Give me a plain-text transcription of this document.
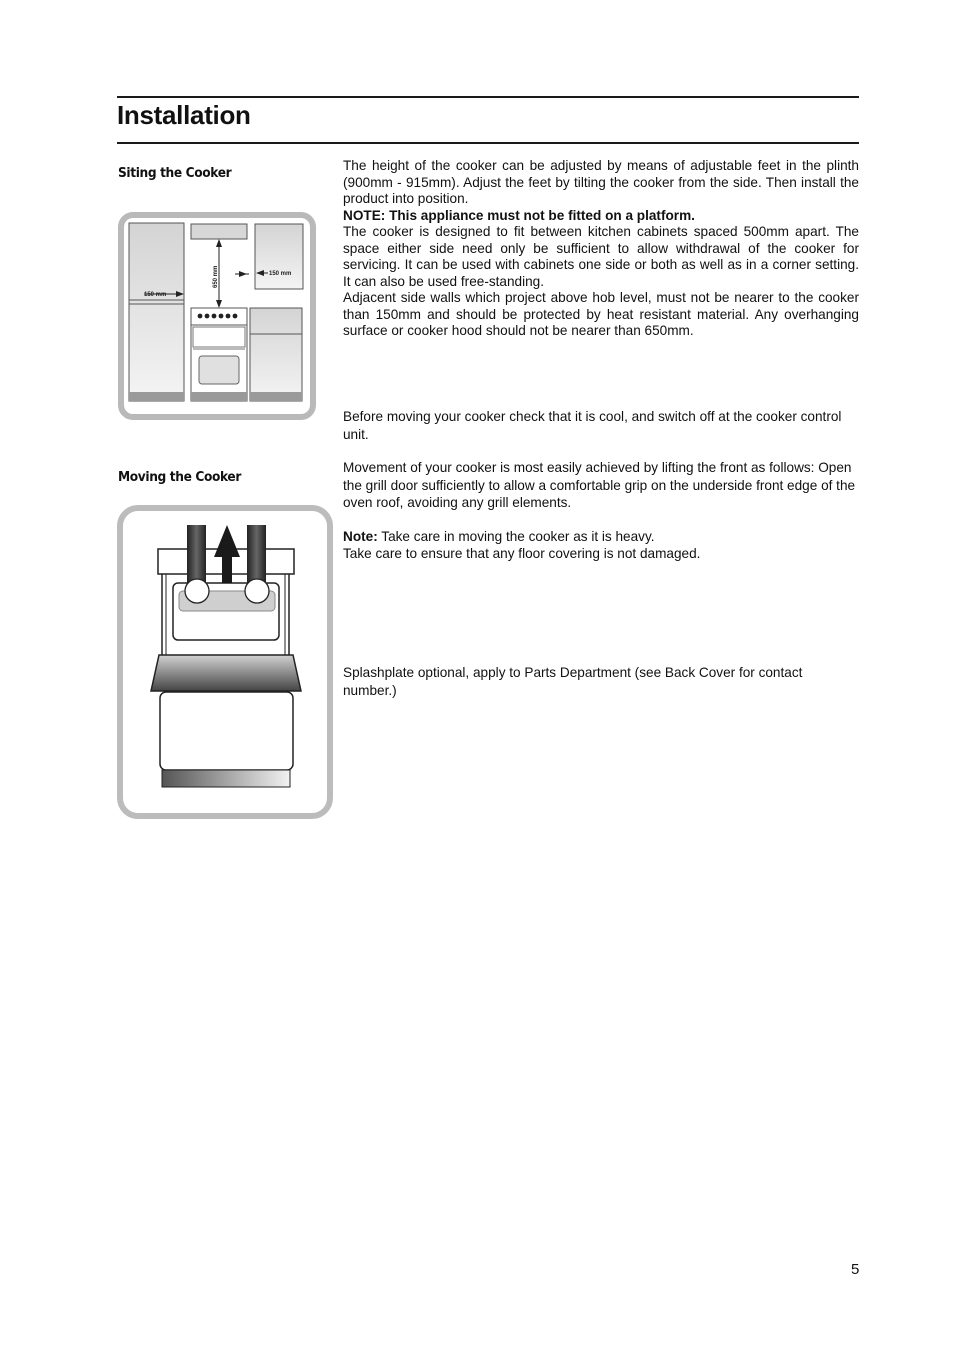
Installation
Siting the Cooker
150 mm
150 mm
650 mm

The height of the cooker can be adjusted by means of adjustable feet in the plinth (900mm - 915mm). Adjust the feet by tilting the cooker from the side. Then install the product into position.

NOTE: This appliance must not be fitted on a platform.

The cooker is designed to fit between kitchen cabinets spaced 500mm apart. The space either side need only be sufficient to allow withdrawal of the cooker for servicing. It can be used with cabinets one side or both as well as in a corner setting. It can also be used free-standing.

Adjacent side walls which project above hob level, must not be nearer to the cooker than 150mm and should be protected by heat resistant material. Any overhanging surface or cooker hood should not be nearer than 650mm.

Moving the Cooker

Before moving your cooker check that it is cool, and switch off at the cooker control unit.

Movement of your cooker is most easily achieved by lifting the front as follows: Open the grill door sufficiently to allow a comfortable grip on the underside front edge of the oven roof, avoiding any grill elements.

Note: Take care in moving the cooker as it is heavy.

Take care to ensure that any floor covering is not damaged.

Splashplate optional, apply to Parts Department (see Back Cover for contact number.)

5
